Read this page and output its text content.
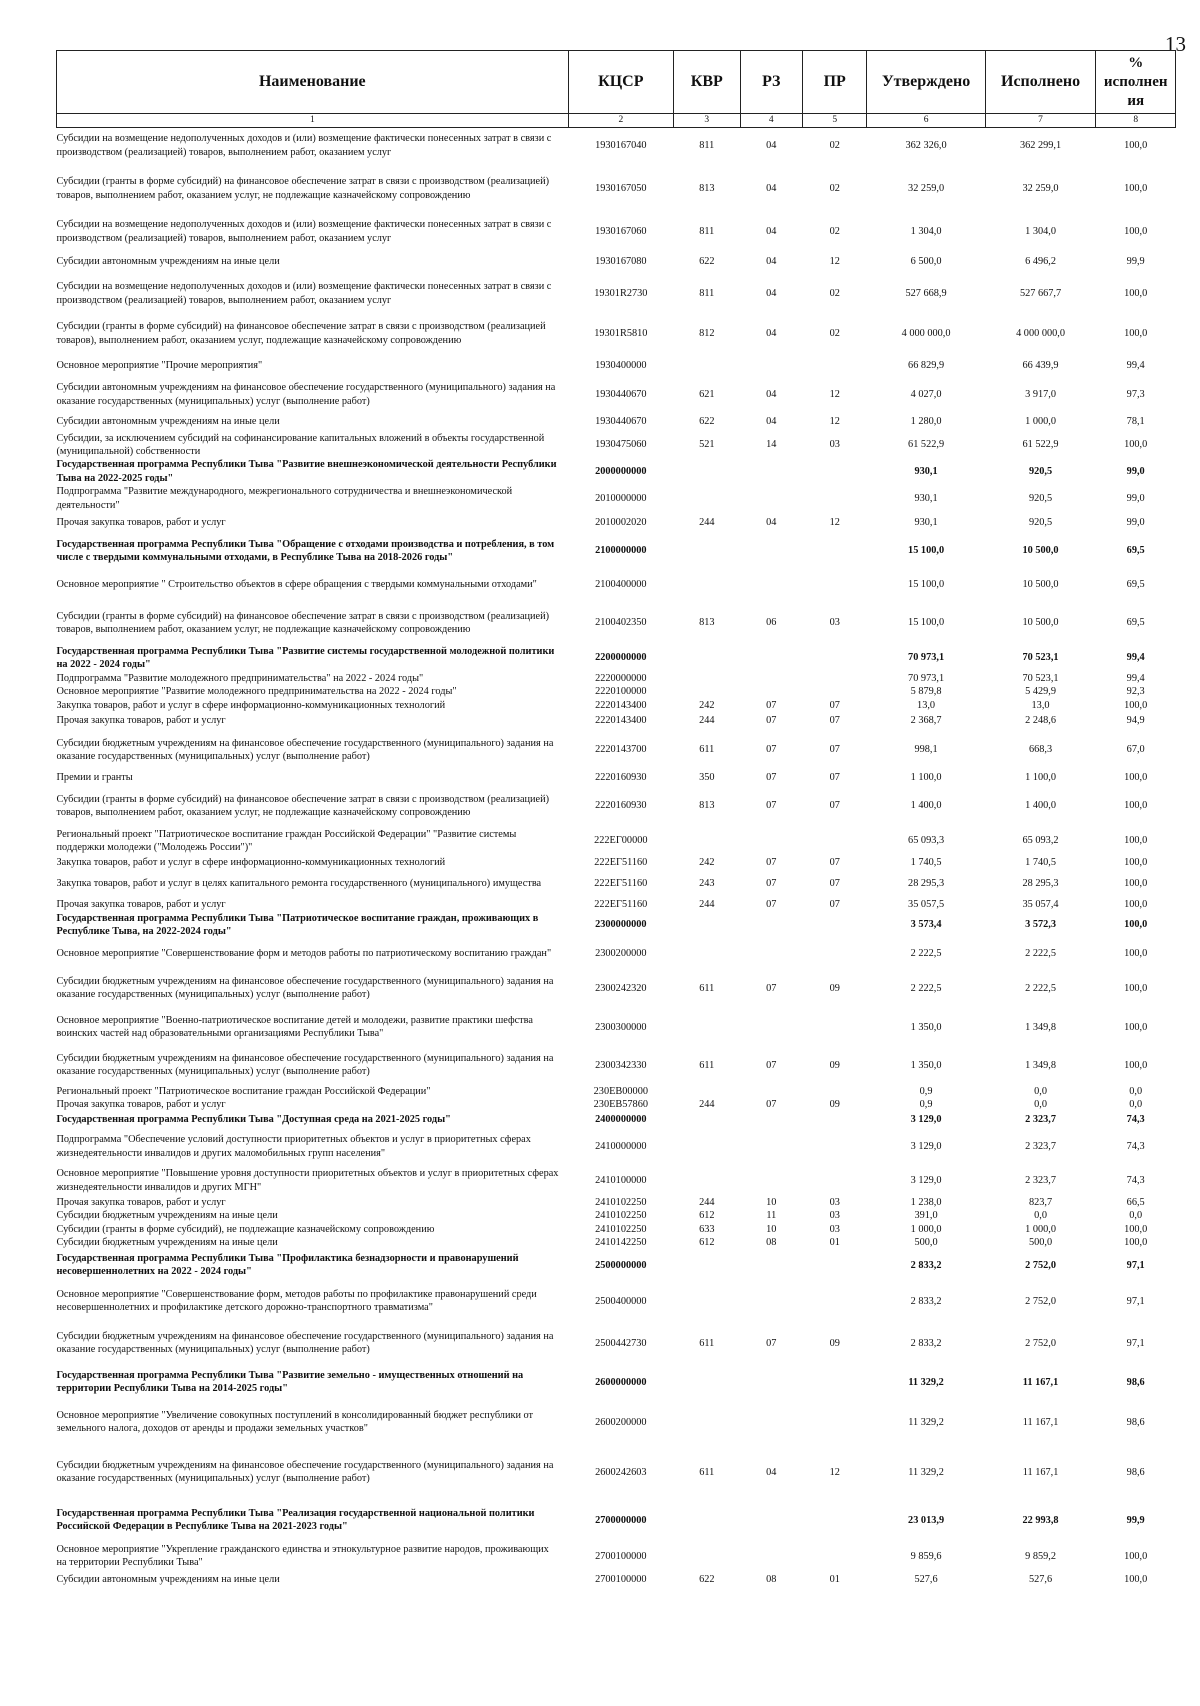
13
Наименование	КЦСР	КВР	РЗ	ПР	Утверждено	Исполнено	%
исполнен
ия

1	2	3	4	5	6	7	8
Субсидии на возмещение недополученных доходов и (или) возмещение фактически понесенных затрат в связи с производством (реализацией) товаров, выполнением работ, оказанием услуг	1930167040	811	04	02	362 326,0	362 299,1	100,0
Субсидии (гранты в форме субсидий) на финансовое обеспечение затрат в связи с производством (реализацией) товаров, выполнением работ, оказанием услуг, не подлежащие казначейскому сопровождению	1930167050	813	04	02	32 259,0	32 259,0	100,0
Субсидии на возмещение недополученных доходов и (или) возмещение фактически понесенных затрат в связи с производством (реализацией) товаров, выполнением работ, оказанием услуг	1930167060	811	04	02	1 304,0	1 304,0	100,0
Субсидии автономным учреждениям на иные цели	1930167080	622	04	12	6 500,0	6 496,2	99,9
Субсидии на возмещение недополученных доходов и (или) возмещение фактически понесенных затрат в связи с производством (реализацией) товаров, выполнением работ, оказанием услуг	19301R2730	811	04	02	527 668,9	527 667,7	100,0
Субсидии (гранты в форме субсидий) на финансовое обеспечение затрат в связи с производством (реализацией товаров), выполнением работ, оказанием услуг, подлежащие казначейскому сопровождению	19301R5810	812	04	02	4 000 000,0	4 000 000,0	100,0
Основное мероприятие "Прочие мероприятия"	1930400000				66 829,9	66 439,9	99,4
Субсидии автономным учреждениям на финансовое обеспечение государственного (муниципального) задания на оказание государственных (муниципальных) услуг (выполнение работ)	1930440670	621	04	12	4 027,0	3 917,0	97,3
Субсидии автономным учреждениям на иные цели	1930440670	622	04	12	1 280,0	1 000,0	78,1
Субсидии, за исключением субсидий на софинансирование капитальных вложений в объекты государственной (муниципальной) собственности	1930475060	521	14	03	61 522,9	61 522,9	100,0
Государственная программа Республики Тыва "Развитие внешнеэкономической деятельности Республики Тыва на 2022-2025 годы"	2000000000				930,1	920,5	99,0
Подпрограмма "Развитие международного, межрегионального сотрудничества и внешнеэкономической деятельности"	2010000000				930,1	920,5	99,0
Прочая закупка товаров, работ и услуг	2010002020	244	04	12	930,1	920,5	99,0
Государственная программа Республики Тыва "Обращение с отходами производства и потребления, в том числе с твердыми коммунальными отходами, в Республике Тыва на 2018-2026 годы"	2100000000				15 100,0	10 500,0	69,5
Основное мероприятие " Строительство объектов в сфере обращения с твердыми коммунальными отходами"	2100400000				15 100,0	10 500,0	69,5
Субсидии (гранты в форме субсидий) на финансовое обеспечение затрат в связи с производством (реализацией) товаров, выполнением работ, оказанием услуг, не подлежащие казначейскому сопровождению	2100402350	813	06	03	15 100,0	10 500,0	69,5
Государственная программа Республики Тыва "Развитие системы государственной молодежной политики на 2022 - 2024 годы"	2200000000				70 973,1	70 523,1	99,4
Подпрограмма "Развитие молодежного предпринимательства" на 2022 - 2024 годы"	2220000000				70 973,1	70 523,1	99,4
Основное мероприятие "Развитие молодежного предпринимательства на 2022 - 2024 годы"	2220100000				5 879,8	5 429,9	92,3
Закупка товаров, работ и услуг в сфере информационно-коммуникационных технологий	2220143400	242	07	07	13,0	13,0	100,0
Прочая закупка товаров, работ и услуг	2220143400	244	07	07	2 368,7	2 248,6	94,9
Субсидии бюджетным учреждениям на финансовое обеспечение государственного (муниципального) задания на оказание государственных (муниципальных) услуг (выполнение работ)	2220143700	611	07	07	998,1	668,3	67,0
Премии и гранты	2220160930	350	07	07	1 100,0	1 100,0	100,0
Субсидии (гранты в форме субсидий) на финансовое обеспечение затрат в связи с производством (реализацией) товаров, выполнением работ, оказанием услуг, не подлежащие казначейскому сопровождению	2220160930	813	07	07	1 400,0	1 400,0	100,0
Региональный проект "Патриотическое воспитание граждан Российской Федерации" "Развитие системы поддержки молодежи ("Молодежь России")"	222ЕГ00000				65 093,3	65 093,2	100,0
Закупка товаров, работ и услуг в сфере информационно-коммуникационных технологий	222ЕГ51160	242	07	07	1 740,5	1 740,5	100,0
Закупка товаров, работ и услуг в целях капитального ремонта государственного (муниципального) имущества	222ЕГ51160	243	07	07	28 295,3	28 295,3	100,0
Прочая закупка товаров, работ и услуг	222ЕГ51160	244	07	07	35 057,5	35 057,4	100,0
Государственная программа Республики Тыва "Патриотическое воспитание граждан, проживающих в Республике Тыва, на 2022-2024 годы"	2300000000				3 573,4	3 572,3	100,0
Основное мероприятие "Совершенствование форм и методов работы по патриотическому воспитанию граждан"	2300200000				2 222,5	2 222,5	100,0
Субсидии бюджетным учреждениям на финансовое обеспечение государственного (муниципального) задания на оказание государственных (муниципальных) услуг (выполнение работ)	2300242320	611	07	09	2 222,5	2 222,5	100,0
Основное мероприятие "Военно-патриотическое воспитание детей и молодежи, развитие практики шефства воинских частей над образовательными организациями Республики Тыва"	2300300000				1 350,0	1 349,8	100,0
Субсидии бюджетным учреждениям на финансовое обеспечение государственного (муниципального) задания на оказание государственных (муниципальных) услуг (выполнение работ)	2300342330	611	07	09	1 350,0	1 349,8	100,0
Региональный проект "Патриотическое воспитание граждан Российской Федерации"	230ЕВ00000				0,9	0,0	0,0
Прочая закупка товаров, работ и услуг	230ЕВ57860	244	07	09	0,9	0,0	0,0
Государственная программа Республики Тыва "Доступная среда на 2021-2025 годы"	2400000000				3 129,0	2 323,7	74,3
Подпрограмма "Обеспечение условий доступности приоритетных объектов и услуг в приоритетных сферах жизнедеятельности инвалидов и других маломобильных групп населения"	2410000000				3 129,0	2 323,7	74,3
Основное мероприятие "Повышение уровня доступности приоритетных объектов и услуг в приоритетных сферах жизнедеятельности инвалидов и других МГН"	2410100000				3 129,0	2 323,7	74,3
Прочая закупка товаров, работ и услуг	2410102250	244	10	03	1 238,0	823,7	66,5
Субсидии бюджетным учреждениям на иные цели	2410102250	612	11	03	391,0	0,0	0,0
Субсидии (гранты в форме субсидий), не подлежащие казначейскому сопровождению	2410102250	633	10	03	1 000,0	1 000,0	100,0
Субсидии бюджетным учреждениям на иные цели	2410142250	612	08	01	500,0	500,0	100,0
Государственная программа Республики Тыва "Профилактика безнадзорности и правонарушений несовершеннолетних на 2022 - 2024 годы"	2500000000				2 833,2	2 752,0	97,1
Основное мероприятие "Совершенствование форм, методов работы по профилактике правонарушений среди несовершеннолетних и профилактике детского дорожно-транспортного травматизма"	2500400000				2 833,2	2 752,0	97,1
Субсидии бюджетным учреждениям на финансовое обеспечение государственного (муниципального) задания на оказание государственных (муниципальных) услуг (выполнение работ)	2500442730	611	07	09	2 833,2	2 752,0	97,1
Государственная программа Республики Тыва "Развитие земельно - имущественных отношений на территории Республики Тыва на 2014-2025 годы"	2600000000				11 329,2	11 167,1	98,6
Основное мероприятие "Увеличение совокупных поступлений в консолидированный бюджет республики от земельного налога, доходов от аренды и продажи земельных участков"	2600200000				11 329,2	11 167,1	98,6
Субсидии бюджетным учреждениям на финансовое обеспечение государственного (муниципального) задания на оказание государственных (муниципальных) услуг (выполнение работ)	2600242603	611	04	12	11 329,2	11 167,1	98,6
Государственная программа Республики Тыва "Реализация государственной национальной политики Российской Федерации в Республике Тыва на 2021-2023 годы"	2700000000				23 013,9	22 993,8	99,9
Основное мероприятие "Укрепление гражданского единства и этнокультурное развитие народов, проживающих на территории Республики Тыва"	2700100000				9 859,6	9 859,2	100,0
Субсидии автономным учреждениям на иные цели	2700100000	622	08	01	527,6	527,6	100,0
